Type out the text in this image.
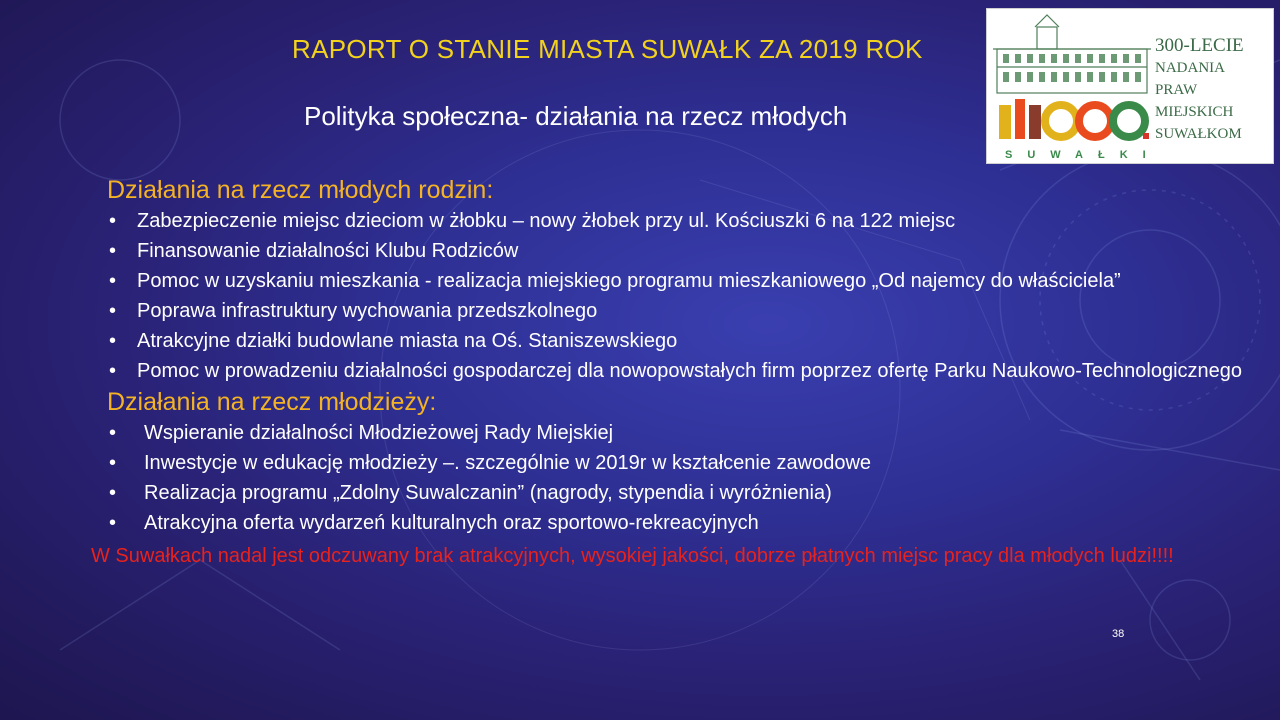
RAPORT O STANIE MIASTA SUWAŁK ZA 2019 ROK	300-LECIE
NADANIA
PRAW
MIEJSKICH
SUWAŁKOM
SUWAŁKI
Polityka społeczna- działania na rzecz młodych
Działania na rzecz młodych rodzin:
• Zabezpieczenie miejsc dzieciom w żłobku – nowy żłobek przy ul. Kościuszki 6 na 122 miejsc
• Finansowanie działalności Klubu Rodziców
• Pomoc w uzyskaniu mieszkania - realizacja miejskiego programu mieszkaniowego „Od najemcy do właściciela”
• Poprawa infrastruktury wychowania przedszkolnego
• Atrakcyjne działki budowlane miasta na Oś. Staniszewskiego
• Pomoc w prowadzeniu działalności gospodarczej dla nowopowstałych firm poprzez ofertę Parku Naukowo-Technologicznego
Działania na rzecz młodzieży:
• Wspieranie działalności Młodzieżowej Rady Miejskiej
• Inwestycje w edukację młodzieży –. szczególnie w 2019r w kształcenie zawodowe
• Realizacja programu „Zdolny Suwalczanin” (nagrody, stypendia i wyróżnienia)
• Atrakcyjna oferta wydarzeń kulturalnych oraz sportowo-rekreacyjnych
W Suwałkach nadal jest odczuwany brak atrakcyjnych, wysokiej jakości, dobrze płatnych miejsc pracy dla młodych ludzi!!!!
38
